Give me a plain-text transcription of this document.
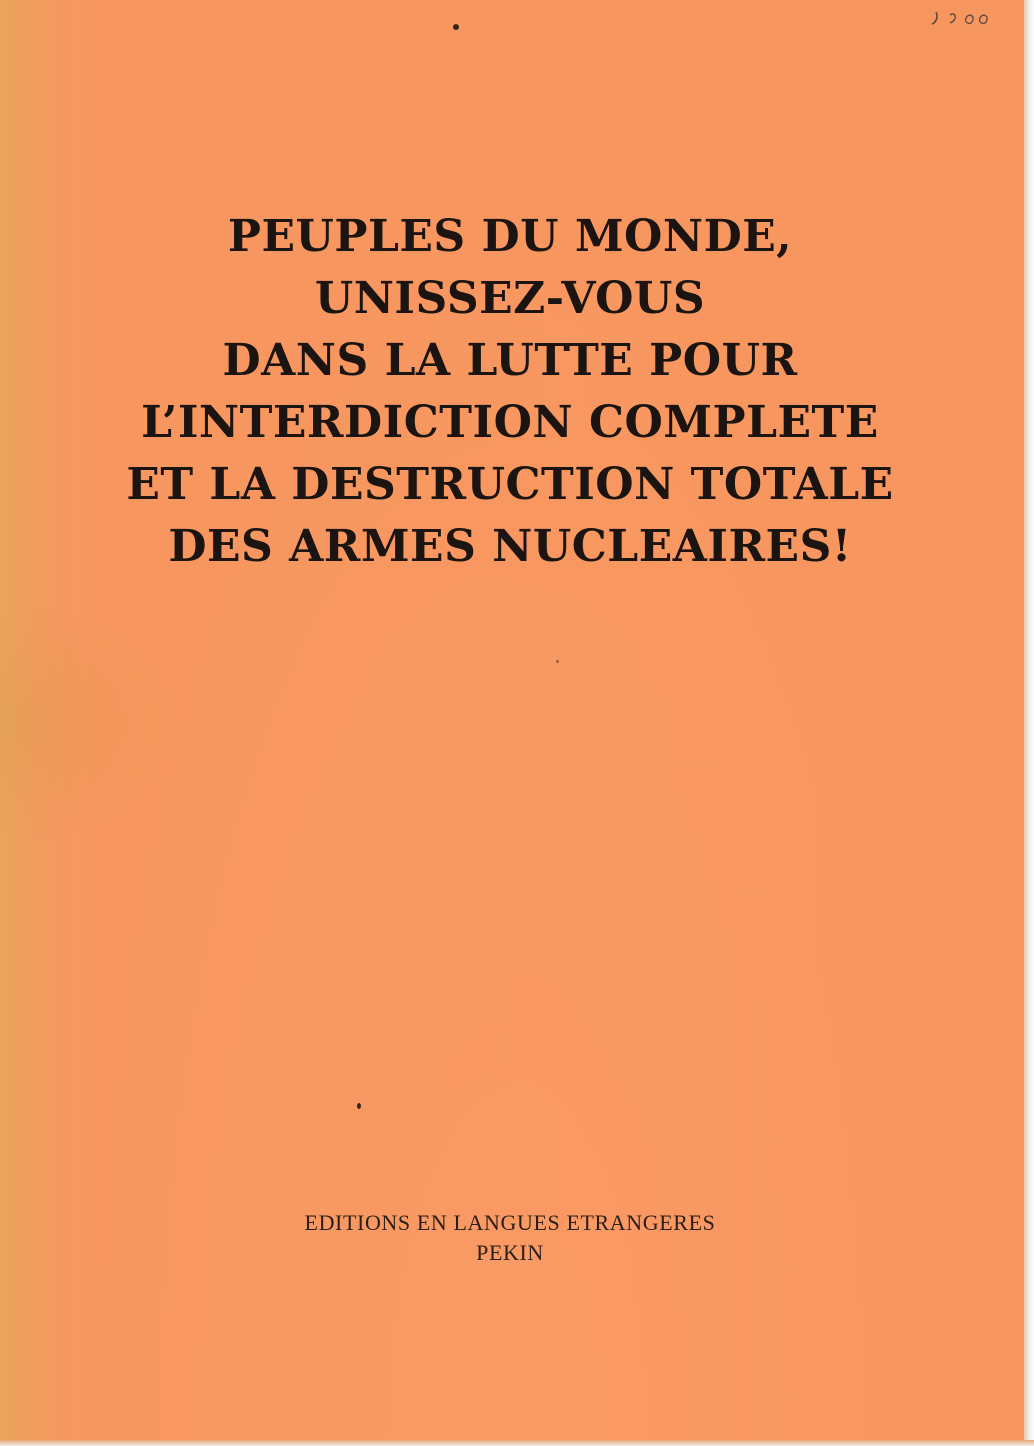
PEUPLES DU MONDE,
UNISSEZ-VOUS
DANS LA LUTTE POUR
L’INTERDICTION COMPLETE
ET LA DESTRUCTION TOTALE
DES ARMES NUCLEAIRES!
EDITIONS EN LANGUES ETRANGERES
PEKIN
